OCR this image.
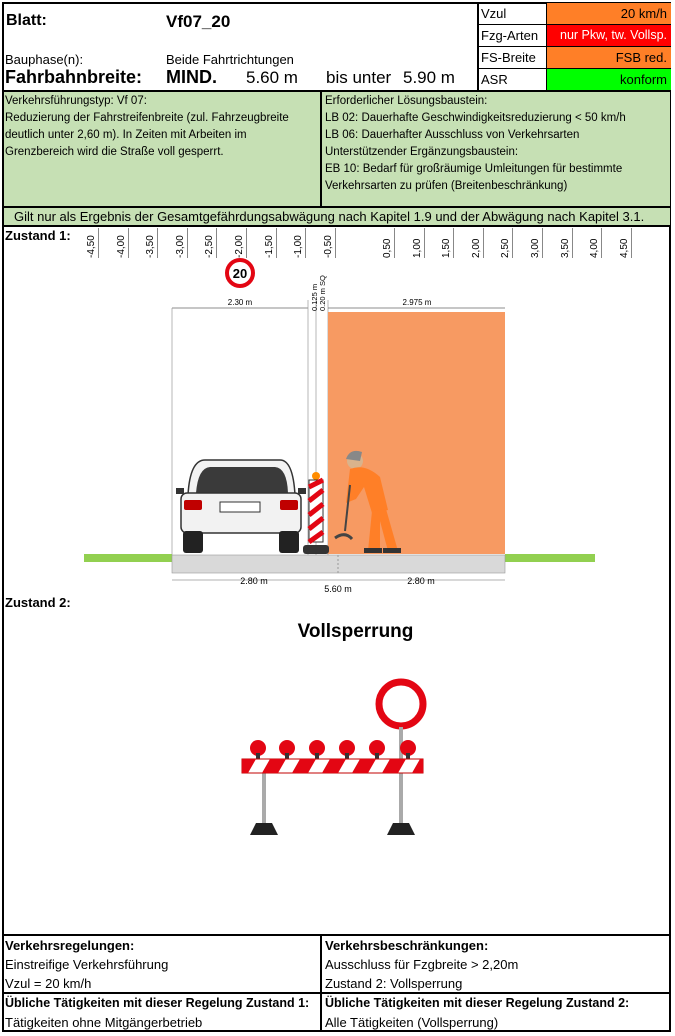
Blatt:	Vf07_20
Bauphase(n):	Beide Fahrtrichtungen
Fahrbahnbreite: MIND. 5.60 m bis unter 5.90 m
Vzul	20 km/h
Fzg-Arten	nur Pkw, tw. Vollsp.
FS-Breite	FSB red.
ASR	konform
Verkehrsführungstyp: Vf 07:
Reduzierung der Fahrstreifenbreite (zul. Fahrzeugbreite
deutlich unter 2,60 m). In Zeiten mit Arbeiten im
Grenzbereich wird die Straße voll gesperrt.
Erforderlicher Lösungsbaustein:
LB 02: Dauerhafte Geschwindigkeitsreduzierung < 50 km/h
LB 06: Dauerhafter Ausschluss von Verkehrsarten
Unterstützender Ergänzungsbaustein:
EB 10: Bedarf für großräumige Umleitungen für bestimmte
Verkehrsarten zu prüfen (Breitenbeschränkung)
Gilt nur als Ergebnis der Gesamtgefährdungsabwägung nach Kapitel 1.9 und der Abwägung nach Kapitel 3.1.
Zustand 1: -4,50 -4,00 -3,50 -3,00 -2,50 -2,00 -1,50 -1,00 -0,50	0,50 1,00 1,50 2,00 2,50 3,00 3,50 4,00 4,50
20
2.30 m	2.975 m
0.125 m 0.20 m SQ
2.80 m	2.80 m
5.60 m
Zustand 2:
Vollsperrung
Verkehrsregelungen:
Einstreifige Verkehrsführung
Vzul = 20 km/h
Verkehrsbeschränkungen:
Ausschluss für Fzgbreite > 2,20m
Zustand 2: Vollsperrung
Übliche Tätigkeiten mit dieser Regelung Zustand 1:
Tätigkeiten ohne Mitgängerbetrieb
Übliche Tätigkeiten mit dieser Regelung Zustand 2:
Alle Tätigkeiten (Vollsperrung)
